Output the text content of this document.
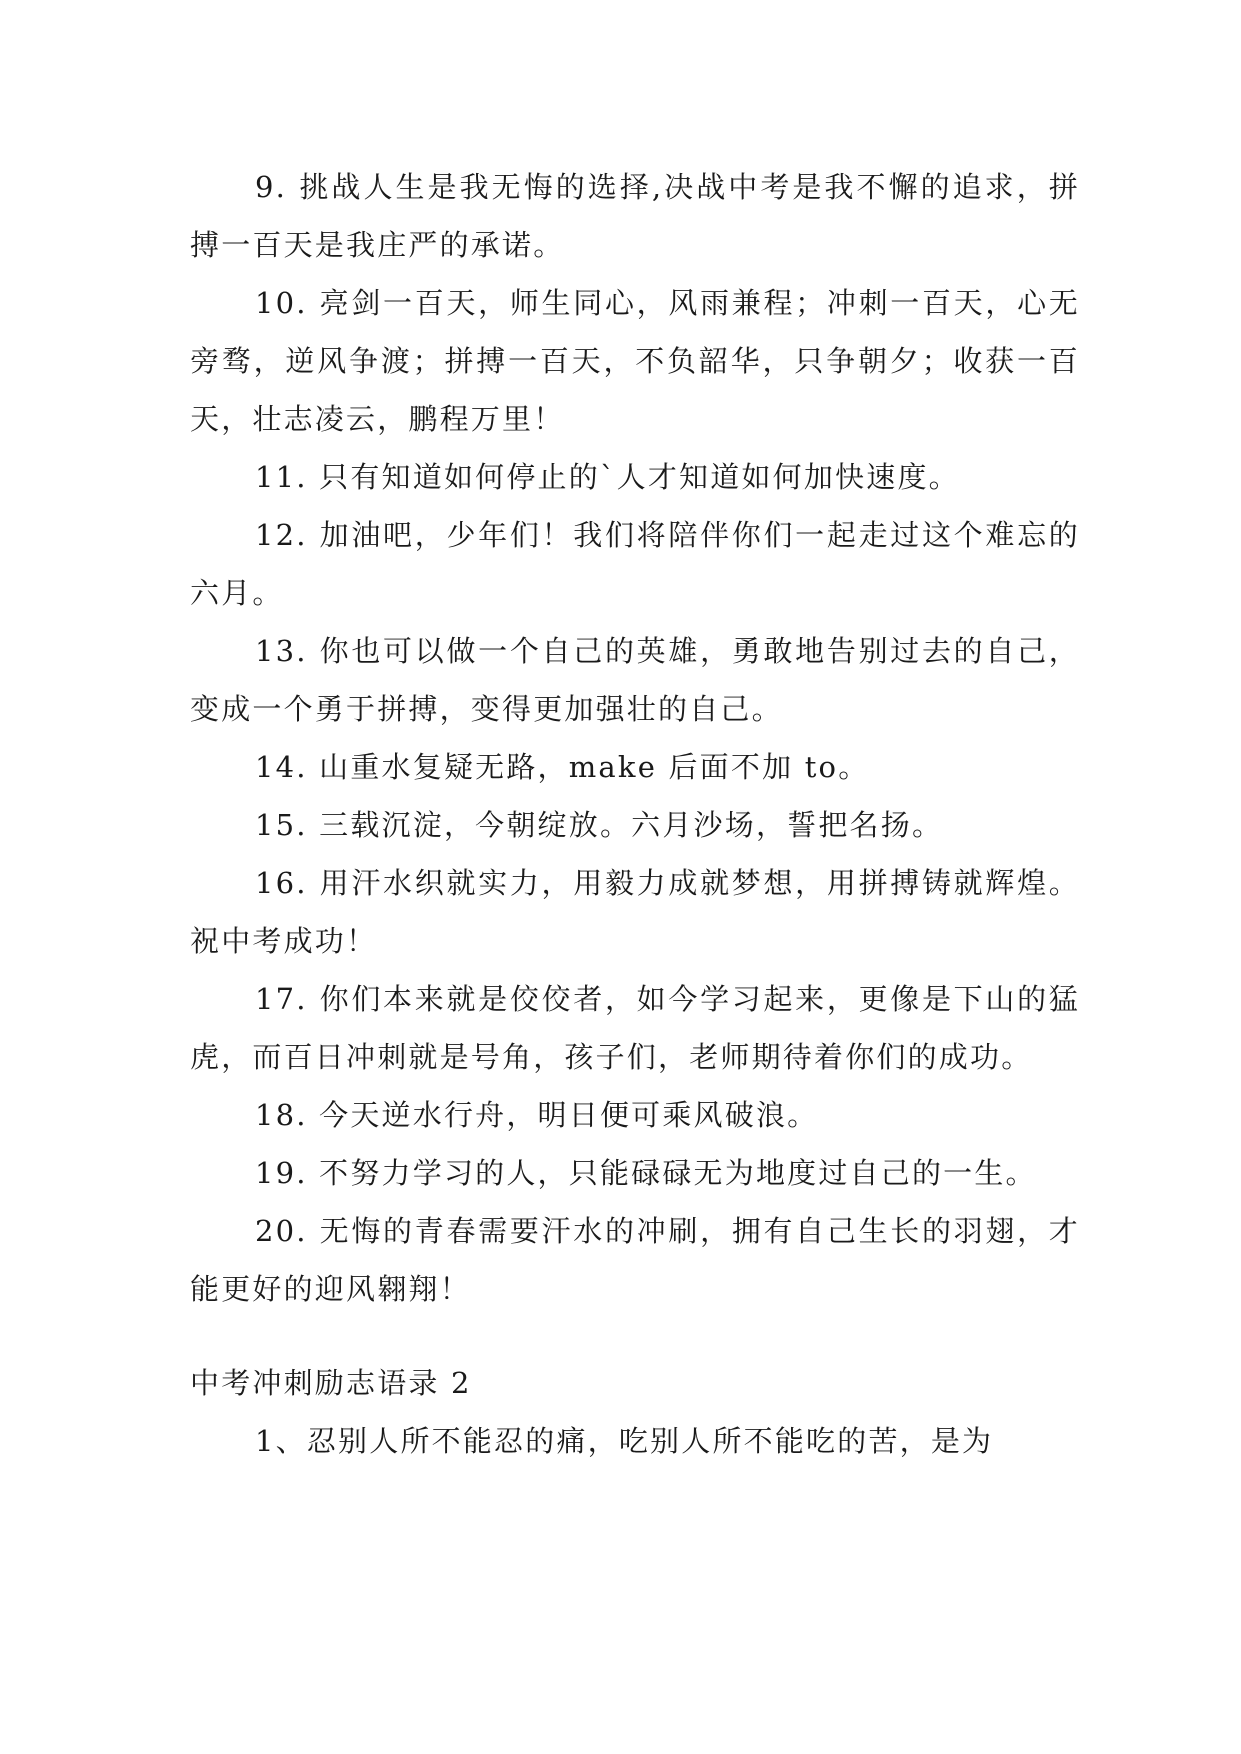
9. 挑战人生是我无悔的选择,决战中考是我不懈的追求，拼搏一百天是我庄严的承诺。

10. 亮剑一百天，师生同心，风雨兼程；冲刺一百天，心无旁骛，逆风争渡；拼搏一百天，不负韶华，只争朝夕；收获一百天，壮志凌云，鹏程万里！

11. 只有知道如何停止的`人才知道如何加快速度。

12. 加油吧，少年们！我们将陪伴你们一起走过这个难忘的六月。

13. 你也可以做一个自己的英雄，勇敢地告别过去的自己，变成一个勇于拼搏，变得更加强壮的自己。

14. 山重水复疑无路，make 后面不加 to。

15. 三载沉淀，今朝绽放。六月沙场，誓把名扬。

16. 用汗水织就实力，用毅力成就梦想，用拼搏铸就辉煌。祝中考成功！

17. 你们本来就是佼佼者，如今学习起来，更像是下山的猛虎，而百日冲刺就是号角，孩子们，老师期待着你们的成功。

18. 今天逆水行舟，明日便可乘风破浪。

19. 不努力学习的人，只能碌碌无为地度过自己的一生。

20. 无悔的青春需要汗水的冲刷，拥有自己生长的羽翅，才能更好的迎风翱翔！

中考冲刺励志语录 2

1、忍别人所不能忍的痛，吃别人所不能吃的苦，是为
